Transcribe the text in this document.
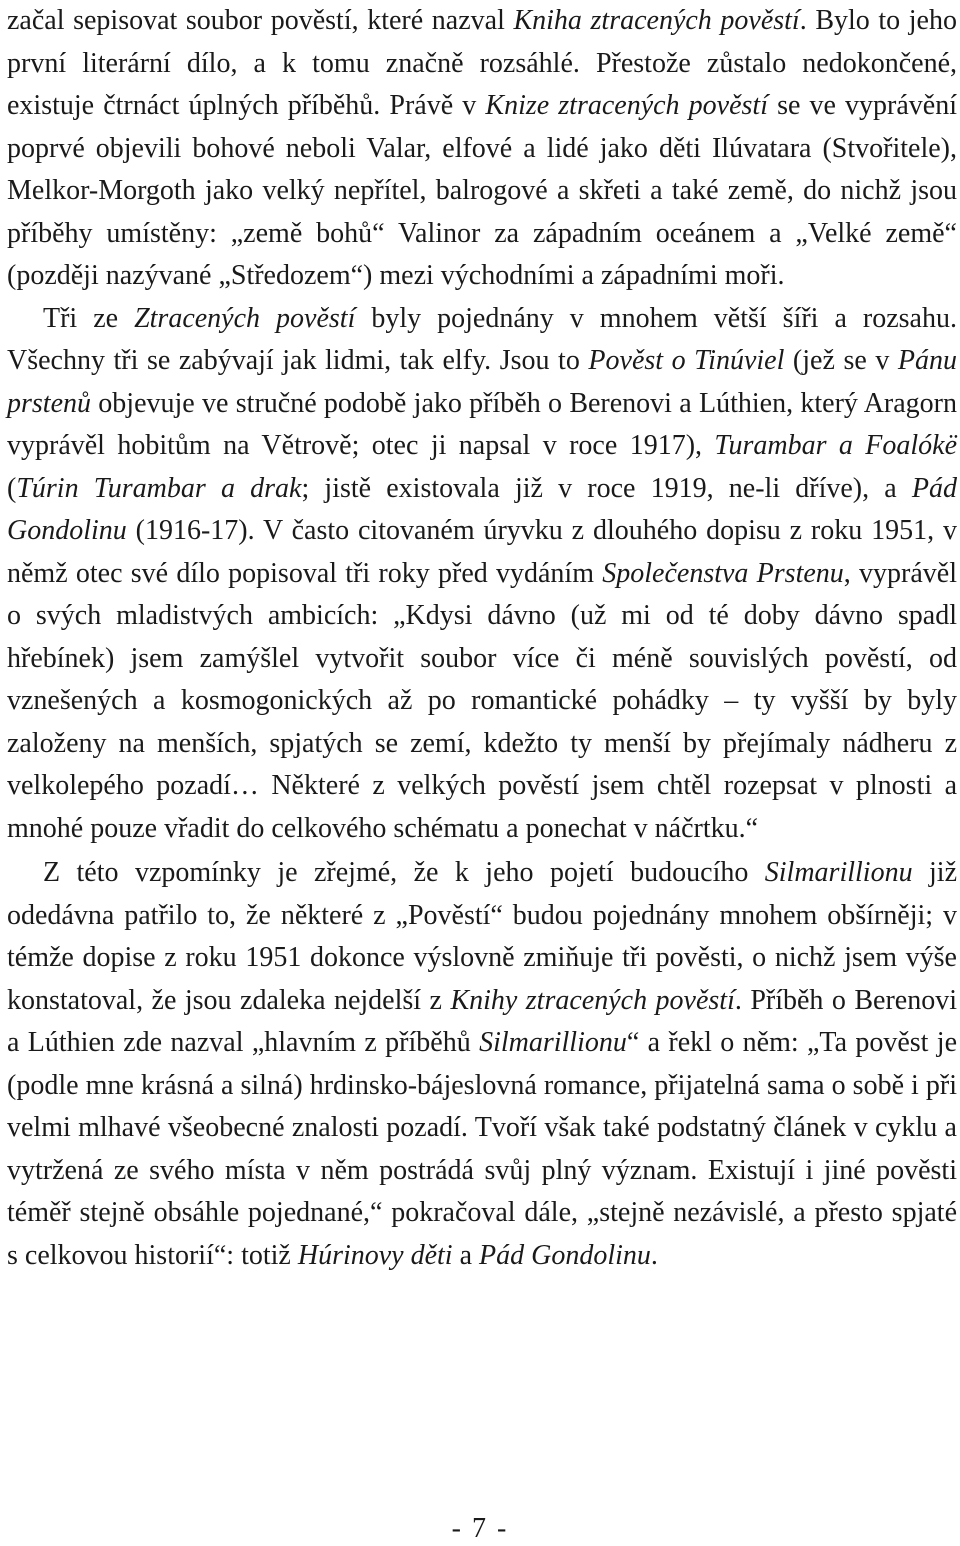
začal sepisovat soubor pověstí, které nazval Kniha ztracených pověstí. Bylo to jeho první literární dílo, a k tomu značně rozsáhlé. Přestože zůstalo nedokončené, existuje čtrnáct úplných příběhů. Právě v Knize ztracených pověstí se ve vyprávění poprvé objevili bohové neboli Valar, elfové a lidé jako děti Ilúvatara (Stvořitele), Melkor-Morgoth jako velký nepřítel, balrogové a skřeti a také země, do nichž jsou příběhy umístěny: „země bohů“ Valinor za západním oceánem a „Velké země“ (později nazývané „Středozem“) mezi východními a západními moři.

Tři ze Ztracených pověstí byly pojednány v mnohem větší šíři a rozsahu. Všechny tři se zabývají jak lidmi, tak elfy. Jsou to Pověst o Tinúviel (jež se v Pánu prstenů objevuje ve stručné podobě jako příběh o Berenovi a Lúthien, který Aragorn vyprávěl hobitům na Větrově; otec ji napsal v roce 1917), Turambar a Foalókë (Túrin Turambar a drak; jistě existovala již v roce 1919, ne-li dříve), a Pád Gondolinu (1916-17). V často citovaném úryvku z dlouhého dopisu z roku 1951, v němž otec své dílo popisoval tři roky před vydáním Společenstva Prstenu, vyprávěl o svých mladistvých ambicích: „Kdysi dávno (už mi od té doby dávno spadl hřebínek) jsem zamýšlel vytvořit soubor více či méně souvislých pověstí, od vznešených a kosmogonických až po romantické pohádky – ty vyšší by byly založeny na menších, spjatých se zemí, kdežto ty menší by přejímaly nádheru z velkolepého pozadí… Některé z velkých pověstí jsem chtěl rozepsat v plnosti a mnohé pouze vřadit do celkového schématu a ponechat v náčrtku.“

Z této vzpomínky je zřejmé, že k jeho pojetí budoucího Silmarillionu již odedávna patřilo to, že některé z „Pověstí“ budou pojednány mnohem obšírněji; v témže dopise z roku 1951 dokonce výslovně zmiňuje tři pověsti, o nichž jsem výše konstatoval, že jsou zdaleka nejdelší z Knihy ztracených pověstí. Příběh o Berenovi a Lúthien zde nazval „hlavním z příběhů Silmarillionu“ a řekl o něm: „Ta pověst je (podle mne krásná a silná) hrdinsko-bájeslovná romance, přijatelná sama o sobě i při velmi mlhavé všeobecné znalosti pozadí. Tvoří však také podstatný článek v cyklu a vytržená ze svého místa v něm postrádá svůj plný význam. Existují i jiné pověsti téměř stejně obsáhle pojednané,“ pokračoval dále, „stejně nezávislé, a přesto spjaté s celkovou historií“: totiž Húrinovy děti a Pád Gondolinu.

- 7 -
